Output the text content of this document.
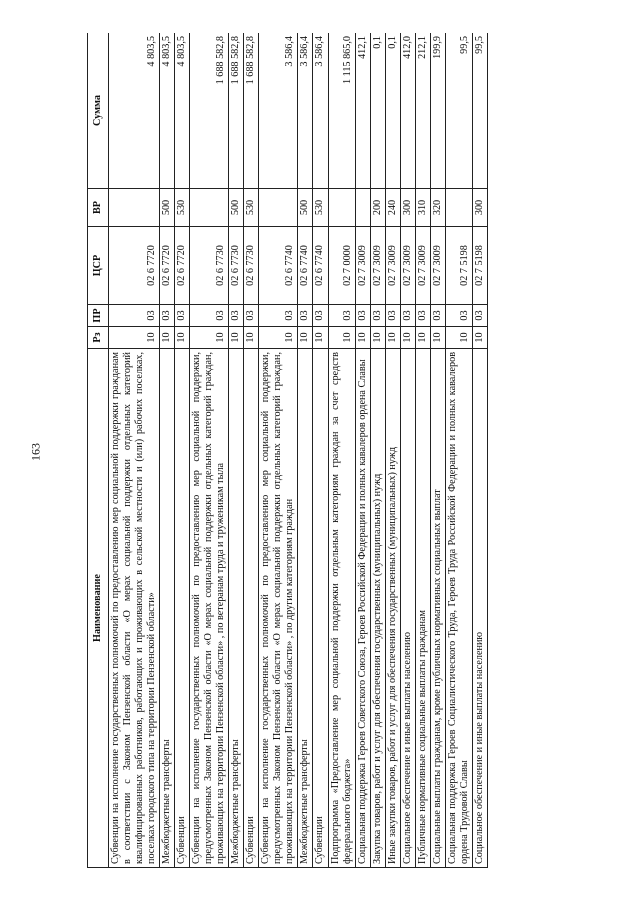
163
Наименование	Рз	ПР	ЦСР	ВР	Сумма
Субвенции на исполнение государственных полномочий по предоставлению мер социальной поддержки гражданам в соответствии с Законом Пензенской области «О мерах социальной поддержки отдельных категорий квалифицированных работников, работающих и проживающих в сельской местности и (или) рабочих поселках, поселках городского типа на территории Пензенской области»	10	03	02 6 7720		4 803,5
Межбюджетные трансферты	10	03	02 6 7720	500	4 803,5
Субвенции	10	03	02 6 7720	530	4 803,5
Субвенции на исполнение государственных полномочий по предоставлению мер социальной поддержки, предусмотренных Законом Пензенской области «О мерах социальной поддержки отдельных категорий граждан, проживающих на территории Пензенской области» , по ветеранам труда и труженикам тыла	10	03	02 6 7730		1 688 582,8
Межбюджетные трансферты	10	03	02 6 7730	500	1 688 582,8
Субвенции	10	03	02 6 7730	530	1 688 582,8
Субвенции на исполнение государственных полномочий по предоставлению мер социальной поддержки, предусмотренных Законом Пензенской области «О мерах социальной поддержки отдельных категорий граждан, проживающих на территории Пензенской области» , по другим категориям граждан	10	03	02 6 7740		3 586,4
Межбюджетные трансферты	10	03	02 6 7740	500	3 586,4
Субвенции	10	03	02 6 7740	530	3 586,4
Подпрограмма «Предоставление мер социальной поддержки отдельным категориям граждан за счет средств федерального бюджета»	10	03	02 7 0000		1 115 865,0
Социальная поддержка Героев Советского Союза, Героев Российской Федерации и полных кавалеров ордена Славы	10	03	02 7 3009		412,1
Закупка товаров, работ и услуг для обеспечения государственных (муниципальных) нужд	10	03	02 7 3009	200	0,1
Иные закупки товаров, работ и услуг для обеспечения государственных (муниципальных) нужд	10	03	02 7 3009	240	0,1
Социальное обеспечение и иные выплаты населению	10	03	02 7 3009	300	412,0
Публичные нормативные социальные выплаты гражданам	10	03	02 7 3009	310	212,1
Социальные выплаты гражданам, кроме публичных нормативных социальных выплат	10	03	02 7 3009	320	199,9
Социальная поддержка Героев Социалистического Труда, Героев Труда Российской Федерации и полных кавалеров ордена Трудовой Славы	10	03	02 7 5198		99,5
Социальное обеспечение и иные выплаты населению	10	03	02 7 5198	300	99,5
